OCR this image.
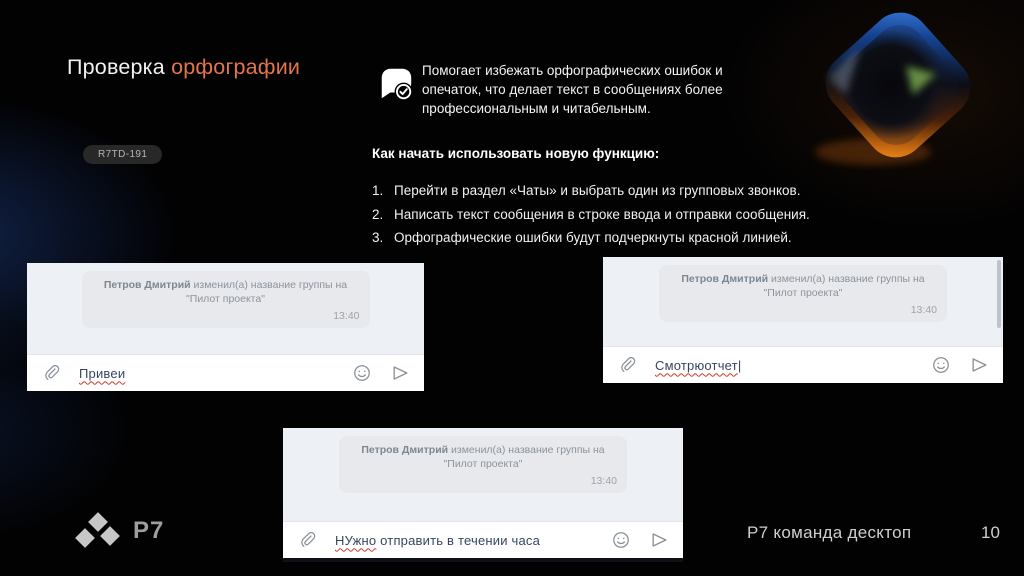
Проверка орфографии
R7TD-191
Помогает избежать орфографических ошибок и опечаток, что делает текст в сообщениях более профессиональным и читабельным.
Как начать использовать новую функцию:
1. Перейти в раздел «Чаты» и выбрать один из групповых звонков.
2. Написать текст сообщения в строке ввода и отправки сообщения.
3. Орфографические ошибки будут подчеркнуты красной линией.
Петров Дмитрий изменил(а) название группы на
"Пилот проекта"
13:40
Привеи
Петров Дмитрий изменил(а) название группы на
"Пилот проекта"
13:40
Смотрюотчет|
Петров Дмитрий изменил(а) название группы на
"Пилот проекта"
13:40
НУжно отправить в течении часа
Р7	Р7 команда десктоп	10
